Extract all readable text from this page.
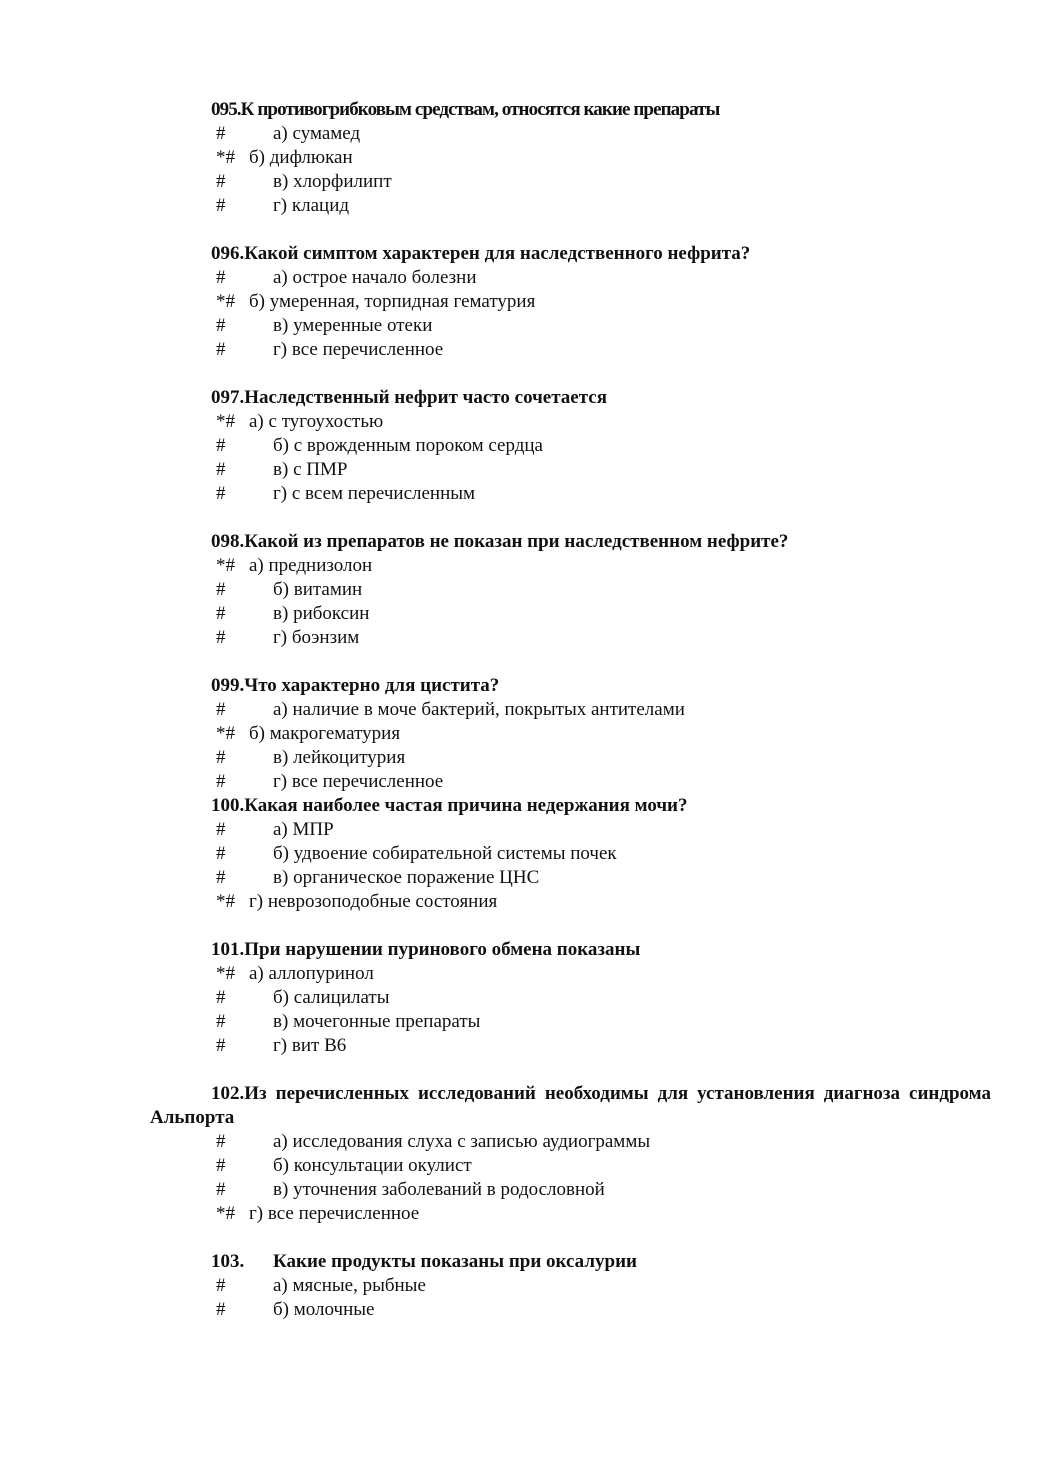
095.К противогрибковым средствам, относятся какие препараты
#	а) сумамед
*# б) дифлюкан
#	в) хлорфилипт
#	г) клацид
096.Какой симптом характерен для наследственного нефрита?
#	а) острое начало болезни
*# б) умеренная, торпидная гематурия
#	в) умеренные отеки
#	г) все перечисленное
097.Наследственный нефрит часто сочетается
*# а) с тугоухостью
#	б) с врожденным пороком сердца
#	в) с ПМР
#	г) с всем перечисленным
098.Какой из препаратов не показан при наследственном нефрите?
*# а) преднизолон
#	б) витамин
#	в) рибоксин
#	г) боэнзим
099.Что характерно для цистита?
#	а) наличие в моче бактерий, покрытых антителами
*# б) макрогематурия
#	в) лейкоцитурия
#	г) все перечисленное
100.Какая наиболее частая причина недержания мочи?
#	а) МПР
#	б) удвоение собирательной системы почек
#	в) органическое поражение ЦНС
*# г) неврозоподобные состояния
101.При нарушении пуринового обмена показаны
*# а) аллопуринол
#	б) салицилаты
#	в) мочегонные препараты
#	г) вит В6
102.Из перечисленных исследований необходимы для установления диагноза синдрома Альпорта
#	а) исследования слуха с записью аудиограммы
#	б) консультации окулист
#	в) уточнения заболеваний в родословной
*# г) все перечисленное
103. Какие продукты показаны при оксалурии
#	а) мясные, рыбные
#	б) молочные
